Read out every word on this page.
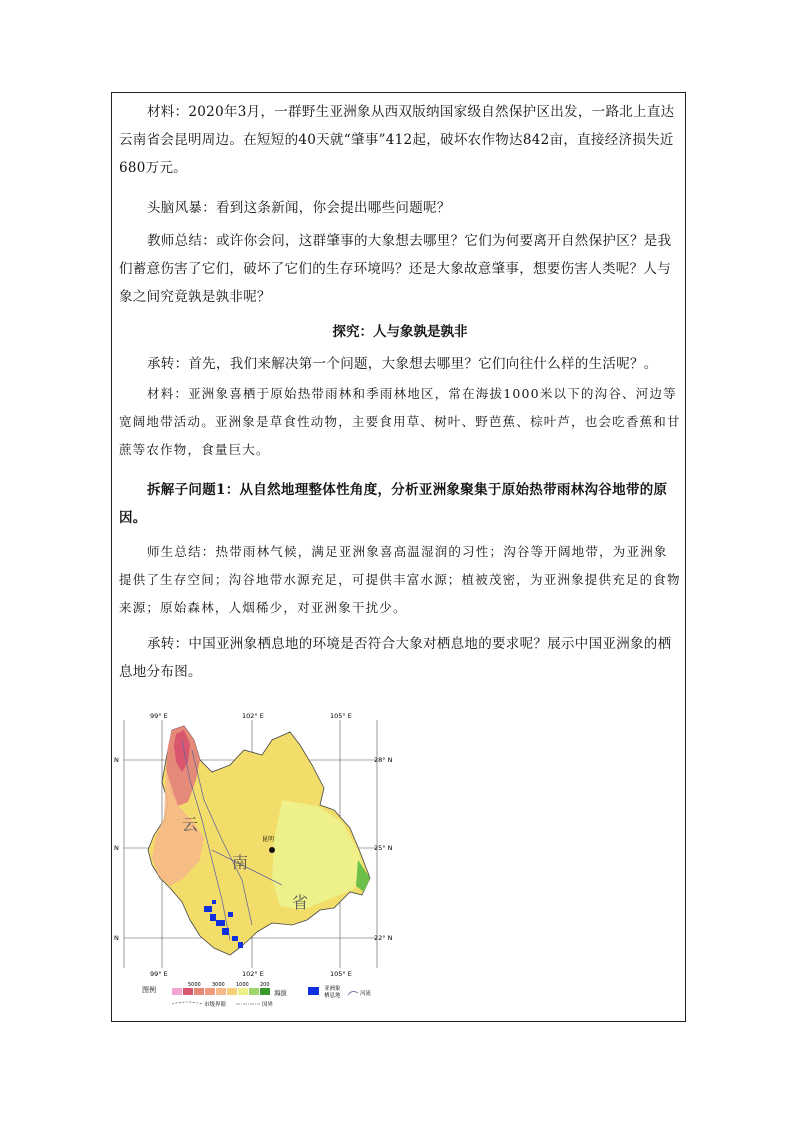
材料：2020年3月，一群野生亚洲象从西双版纳国家级自然保护区出发，一路北上直达云南省会昆明周边。在短短的40天就“肇事”412起，破坏农作物达842亩，直接经济损失近680万元。

头脑风暴：看到这条新闻，你会提出哪些问题呢？

教师总结：或许你会问，这群肇事的大象想去哪里？它们为何要离开自然保护区？是我们蓄意伤害了它们，破坏了它们的生存环境吗？还是大象故意肇事，想要伤害人类呢？人与象之间究竟孰是孰非呢？

探究：人与象孰是孰非

承转：首先，我们来解决第一个问题，大象想去哪里？它们向往什么样的生活呢？。

材料：亚洲象喜栖于原始热带雨林和季雨林地区，常在海拔1000米以下的沟谷、河边等宽阔地带活动。亚洲象是草食性动物，主要食用草、树叶、野芭蕉、棕叶芦，也会吃香蕉和甘蔗等农作物，食量巨大。

拆解子问题1：从自然地理整体性角度，分析亚洲象聚集于原始热带雨林沟谷地带的原因。

师生总结：热带雨林气候，满足亚洲象喜高温湿润的习性；沟谷等开阔地带，为亚洲象提供了生存空间；沟谷地带水源充足，可提供丰富水源；植被茂密，为亚洲象提供充足的食物来源；原始森林，人烟稀少，对亚洲象干扰少。

承转：中国亚洲象栖息地的环境是否符合大象对栖息地的要求呢？展示中国亚洲象的栖息地分布图。

昆明
云
南
省
99° E	102° E	105° E
99° E	102° E	105° E
28° N
25° N
22° N
N
N
N
图例
5000 3000 1000 200
海拔	亚洲象
栖息地	河流
市级界限	国界
